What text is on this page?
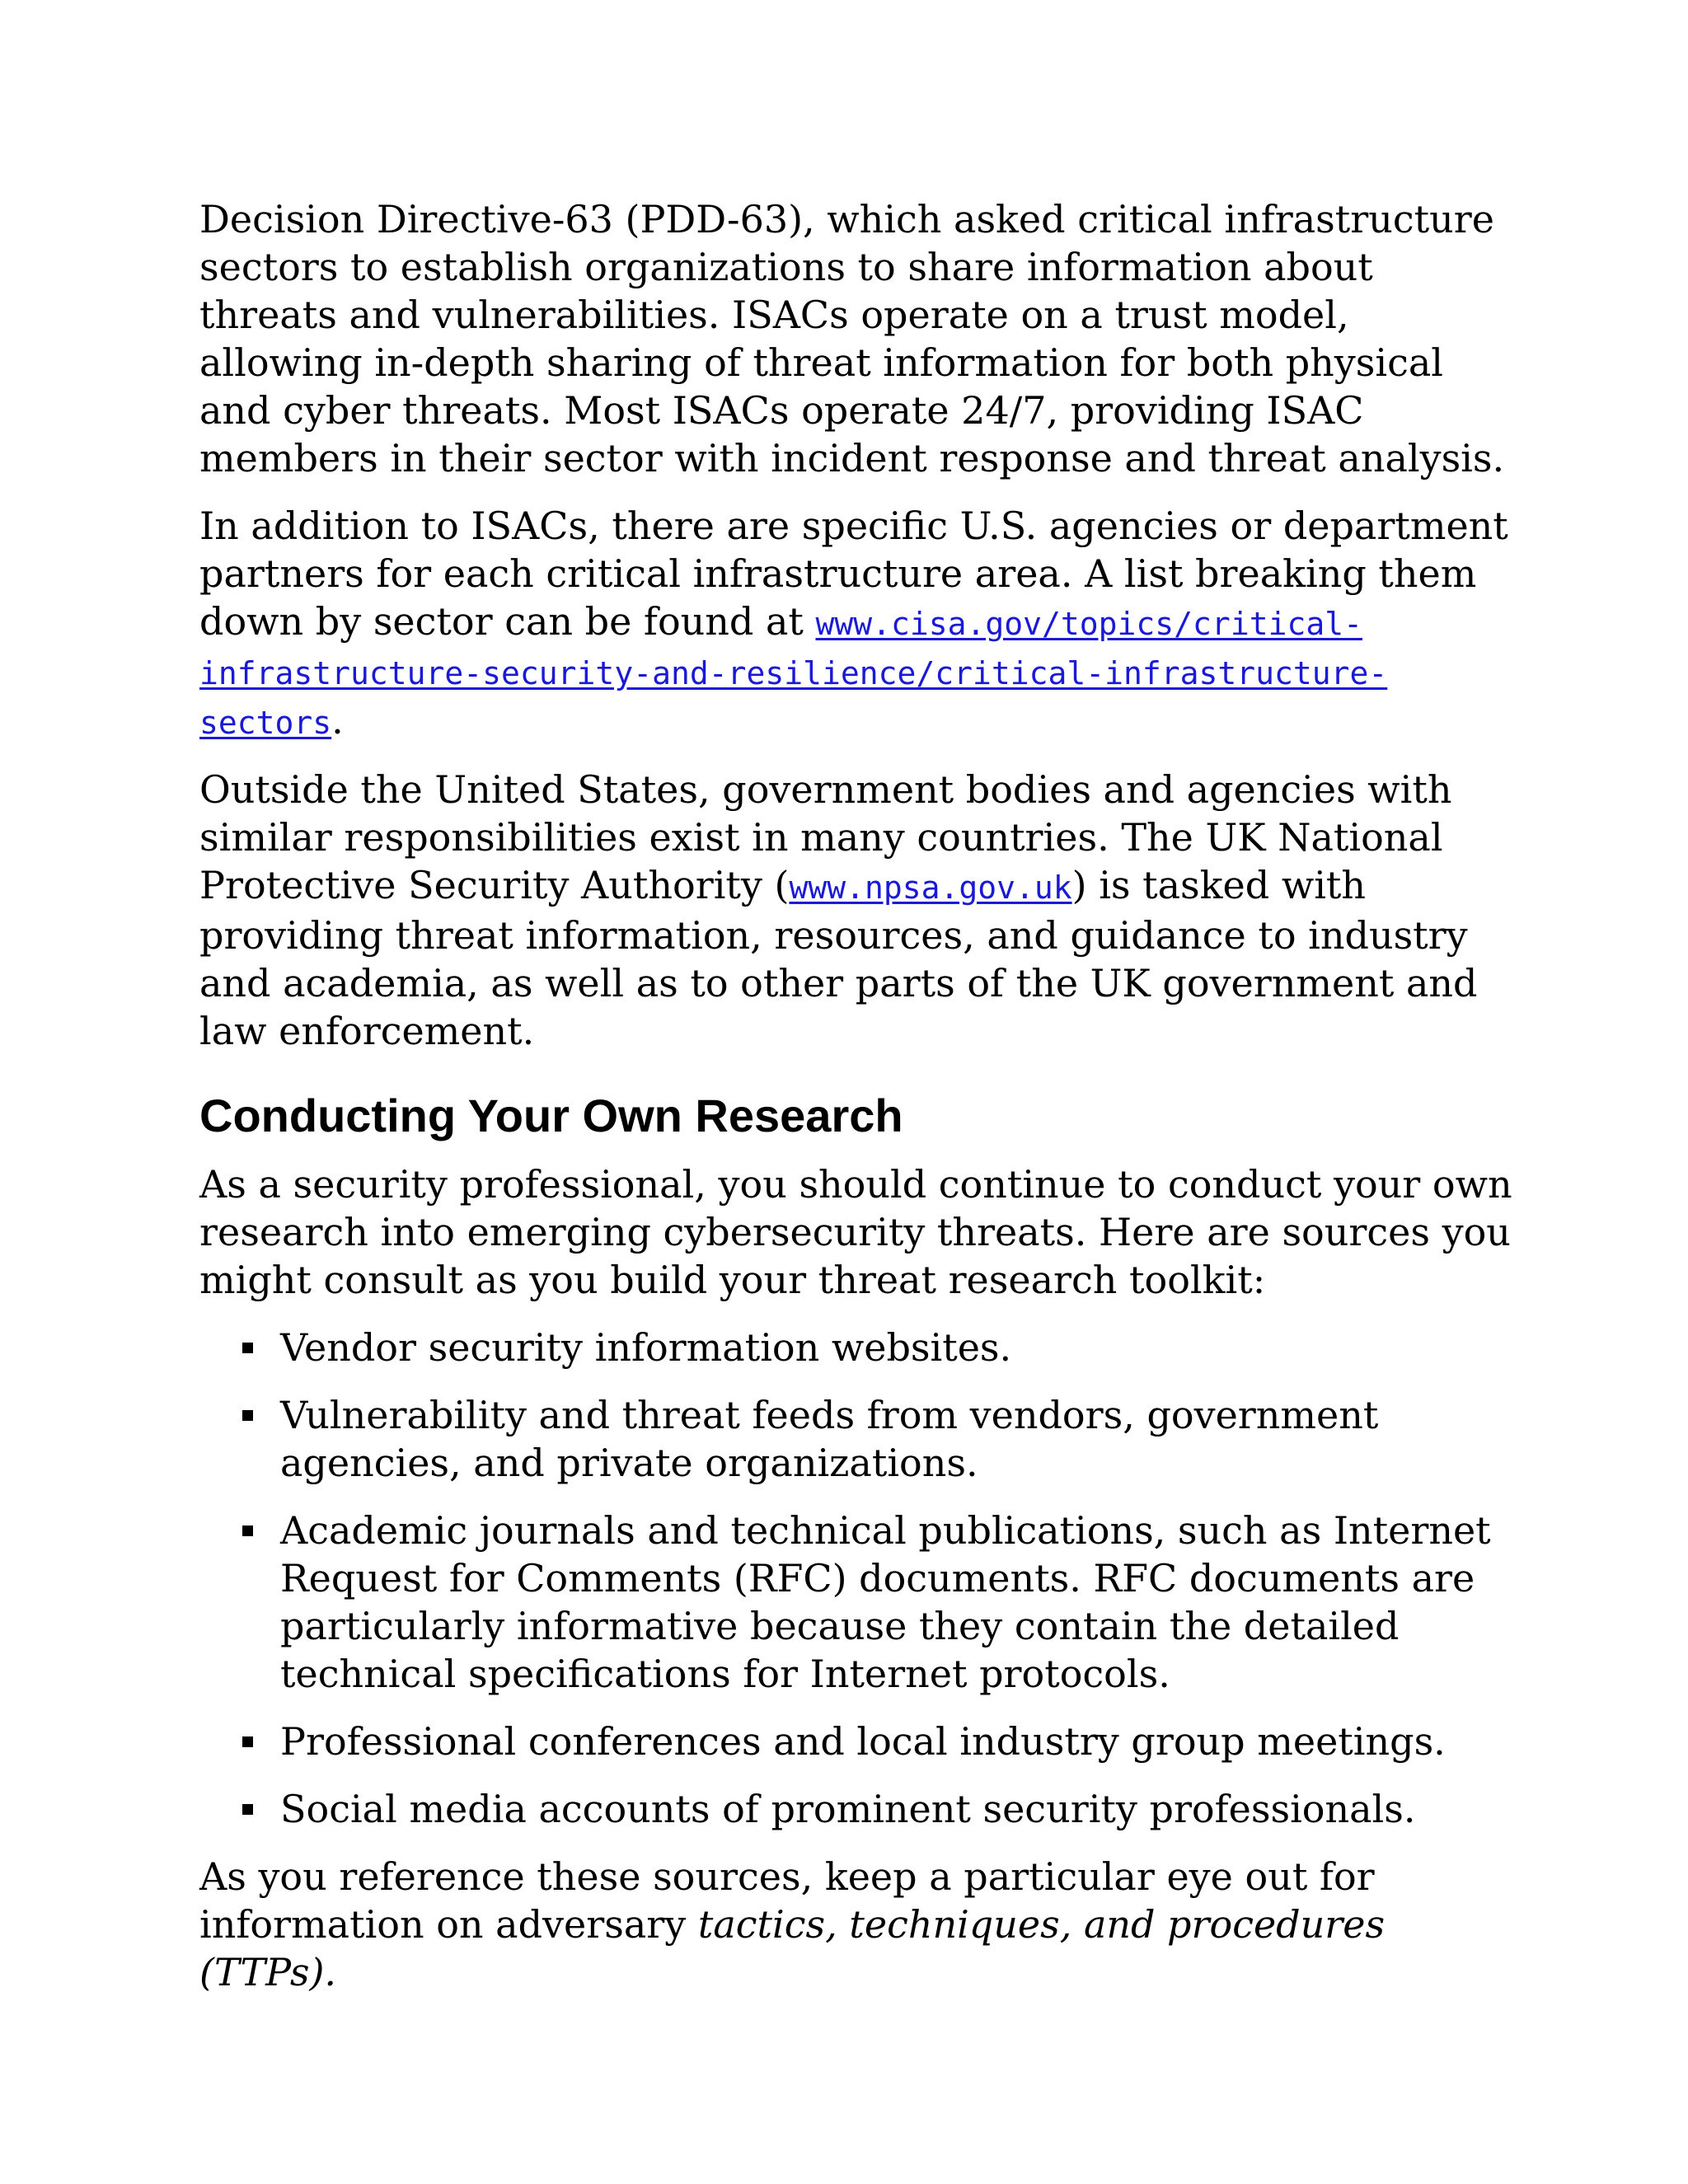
Decision Directive-63 (PDD-63), which asked critical infrastructure sectors to establish organizations to share information about threats and vulnerabilities. ISACs operate on a trust model, allowing in-depth sharing of threat information for both physical and cyber threats. Most ISACs operate 24/7, providing ISAC members in their sector with incident response and threat analysis.

In addition to ISACs, there are specific U.S. agencies or department partners for each critical infrastructure area. A list breaking them down by sector can be found at www.cisa.gov/topics/critical-infrastructure-security-and-resilience/critical-infrastructure-sectors.

Outside the United States, government bodies and agencies with similar responsibilities exist in many countries. The UK National Protective Security Authority (www.npsa.gov.uk) is tasked with providing threat information, resources, and guidance to industry and academia, as well as to other parts of the UK government and law enforcement.

Conducting Your Own Research

As a security professional, you should continue to conduct your own research into emerging cybersecurity threats. Here are sources you might consult as you build your threat research toolkit:

Vendor security information websites.
Vulnerability and threat feeds from vendors, government agencies, and private organizations.
Academic journals and technical publications, such as Internet Request for Comments (RFC) documents. RFC documents are particularly informative because they contain the detailed technical specifications for Internet protocols.
Professional conferences and local industry group meetings.
Social media accounts of prominent security professionals.

As you reference these sources, keep a particular eye out for information on adversary tactics, techniques, and procedures (TTPs).
